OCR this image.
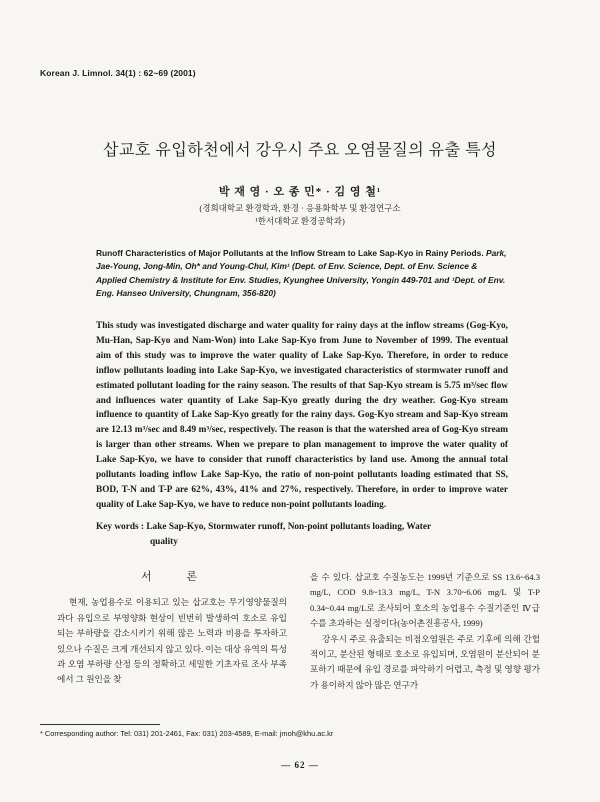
Korean J. Limnol. 34(1) : 62~69 (2001)
삽교호 유입하천에서 강우시 주요 오염물질의 유출 특성
박 재 영 · 오 종 민* · 김 영 철¹
(경희대학교 환경학과, 환경 · 응용화학부 및 환경연구소
¹한서대학교 환경공학과)
Runoff Characteristics of Major Pollutants at the Inflow Stream to Lake Sap-Kyo in Rainy Periods. Park, Jae-Young, Jong-Min, Oh* and Young-Chul, Kim¹ (Dept. of Env. Science, Dept. of Env. Science & Applied Chemistry & Institute for Env. Studies, Kyunghee University, Yongin 449-701 and ¹Dept. of Env. Eng. Hanseo University, Chungnam, 356-820)
This study was investigated discharge and water quality for rainy days at the inflow streams (Gog-Kyo, Mu-Han, Sap-Kyo and Nam-Won) into Lake Sap-Kyo from June to November of 1999. The eventual aim of this study was to improve the water quality of Lake Sap-Kyo. Therefore, in order to reduce inflow pollutants loading into Lake Sap-Kyo, we investigated characteristics of stormwater runoff and estimated pollutant loading for the rainy season. The results of that Sap-Kyo stream is 5.75 m³/sec flow and influences water quantity of Lake Sap-Kyo greatly during the dry weather. Gog-Kyo stream influence to quantity of Lake Sap-Kyo greatly for the rainy days. Gog-Kyo stream and Sap-Kyo stream are 12.13 m³/sec and 8.49 m³/sec, respectively. The reason is that the watershed area of Gog-Kyo stream is larger than other streams. When we prepare to plan management to improve the water quality of Lake Sap-Kyo, we have to consider that runoff characteristics by land use. Among the annual total pollutants loading inflow Lake Sap-Kyo, the ratio of non-point pollutants loading estimated that SS, BOD, T-N and T-P are 62%, 43%, 41% and 27%, respectively. Therefore, in order to improve water quality of Lake Sap-Kyo, we have to reduce non-point pollutants loading.
Key words : Lake Sap-Kyo, Stormwater runoff, Non-point pollutants loading, Water
quality
서 론

현재, 농업용수로 이용되고 있는 삽교호는 무기영양물질의 과다 유입으로 부영양화 현상이 빈번히 발생하여 호소로 유입되는 부하량을 감소시키기 위해 많은 노력과 비용을 투자하고 있으나 수질은 크게 개선되지 않고 있다. 이는 대상 유역의 특성과 오염 부하량 산정 등의 정확하고 세밀한 기초자료 조사 부족에서 그 원인을 찾

을 수 있다. 삽교호 수질농도는 1999년 기준으로 SS 13.6~64.3 mg/L, COD 9.8~13.3 mg/L, T-N 3.70~6.06 mg/L 및 T-P 0.34~0.44 mg/L로 조사되어 호소의 농업용수 수질기준인 Ⅳ급수를 초과하는 실정이다(농어촌진흥공사, 1999)

강우시 주로 유출되는 비점오염원은 주로 기후에 의해 간헐적이고, 분산된 형태로 호소로 유입되며, 오염원이 분산되어 분포하기 때문에 유입 경로를 파악하기 어렵고, 측정 및 영향 평가가 용이하지 않아 많은 연구가

* Corresponding author: Tel: 031) 201-2461, Fax: 031) 203-4589, E-mail: jmoh@khu.ac.kr
— 62 —
